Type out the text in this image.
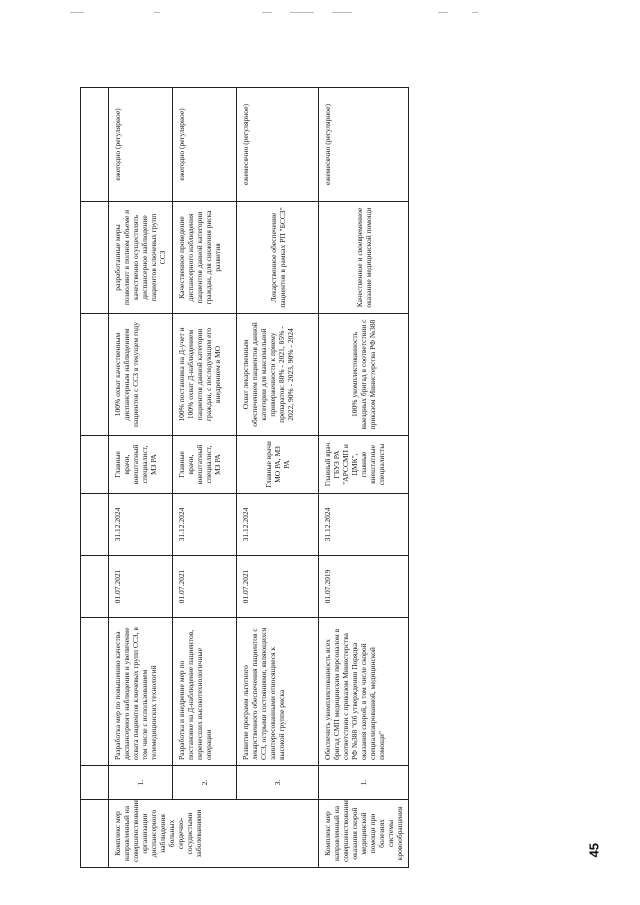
Комплекс мер направленный на совершенствование организации диспансерного наблюдения больных сердечно-сосудистыми заболеваниями	1.	Разработка мер по повышению качества диспансерного наблюдения и увеличение охвата пациентов ключевых групп ССЗ, в том числе с использованием телемедицинских технологий	01.07.2021	31.12.2024	Главные врачи, внештатный специалист, МЗ РА	100% охват качественным диспансерным наблюдением пациентов с ССЗ в текущем году	разработанные меры позволяют в полном объеме и качественно осуществлять диспансерное наблюдение пациентов ключевых групп ССЗ	ежегодно (регулярное)
	2.	Разработка и внедрение мер по постановке на Д-наблюдение пациентов, перенесших высокотехнологичные операции	01.07.2021	31.12.2024	Главные врачи, внештатный специалист, МЗ РА	100% постановка на Д-учет и 100% охват Д-наблюдением пациентов данной категории граждан, с последующим его внедрением в МО	Качественное проведение диспансерного наблюдения пациентов данной категории граждан, для снижения риска развития	ежегодно (регулярное)
	3.	Развитие программ льготного лекарственного обеспечения пациентов с ССЗ, острыми состояниями, являющихся заинтересованными относящиеся к высокой группе риска	01.07.2021	31.12.2024	Главные врачи МО РА, МЗ РА	Охват лекарственным обеспечением пациентов данной категории для максимальной приверженности к приему препаратов: 80% - 2021, 85% - 2022, 90% - 2023, 90% - 2024	Лекарственное обеспечение пациентов в рамках РП "БССЗ"	ежемесячно (регулярное)
Комплекс мер направленный на совершенствование оказания скорой медицинской помощи при болезнях системы кровообращения	1.	Обеспечить укомплектованность всех бригад СМП медицинским персоналом в соответствии с приказом Министерства РФ №388 "Об утверждении Порядка оказания скорой, в том числе скорой специализированной, медицинской помощи"	01.07.2019	31.12.2024	Главный врач ГБУЗ РА "АРССМП и ЦМК", главные внештатные специалисты	100% укомплектованность выездных бригад в соответствии с приказом Министерства РФ №388	Качественное и своевременное оказание медицинской помощи	ежемесячно (регулярное)
45
